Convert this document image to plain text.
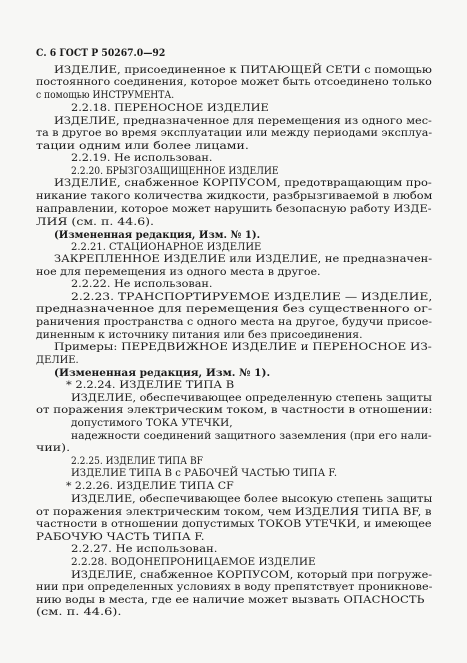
С. 6 ГОСТ Р 50267.0—92
ИЗДЕЛИЕ, присоединенное к ПИТАЮЩЕЙ СЕТИ с помощью
постоянного соединения, которое может быть отсоединено только
с помощью ИНСТРУМЕНТА.
2.2.18. ПЕРЕНОСНОЕ ИЗДЕЛИЕ
ИЗДЕЛИЕ, предназначенное для перемещения из одного мес-
та в другое во время эксплуатации или между периодами эксплуа-
тации одним или более лицами.
2.2.19. Не использован.
2.2.20. БРЫЗГОЗАЩИЩЕННОЕ ИЗДЕЛИЕ
ИЗДЕЛИЕ, снабженное КОРПУСОМ, предотвращающим про-
никание такого количества жидкости, разбрызгиваемой в любом
направлении, которое может нарушить безопасную работу ИЗДЕ-
ЛИЯ (см. п. 44.6).
(Измененная редакция, Изм. № 1).
2.2.21. СТАЦИОНАРНОЕ ИЗДЕЛИЕ
ЗАКРЕПЛЕННОЕ ИЗДЕЛИЕ или ИЗДЕЛИЕ, не предназначен-
ное для перемещения из одного места в другое.
2.2.22. Не использован.
2.2.23. ТРАНСПОРТИРУЕМОЕ ИЗДЕЛИЕ — ИЗДЕЛИЕ,
предназначенное для перемещения без существенного ог-
раничения пространства с одного места на другое, будучи присое-
диненным к источнику питания или без присоединения.
Примеры: ПЕРЕДВИЖНОЕ ИЗДЕЛИЕ и ПЕРЕНОСНОЕ ИЗ-
ДЕЛИЕ.
(Измененная редакция, Изм. № 1).
* 2.2.24. ИЗДЕЛИЕ ТИПА В
ИЗДЕЛИЕ, обеспечивающее определенную степень защиты
от поражения электрическим током, в частности в отношении:
допустимого ТОКА УТЕЧКИ,
надежности соединений защитного заземления (при его нали-
чии).
2.2.25. ИЗДЕЛИЕ ТИПА BF
ИЗДЕЛИЕ ТИПА В с РАБОЧЕЙ ЧАСТЬЮ ТИПА F.
* 2.2.26. ИЗДЕЛИЕ ТИПА CF
ИЗДЕЛИЕ, обеспечивающее более высокую степень защиты
от поражения электрическим током, чем ИЗДЕЛИЯ ТИПА BF, в
частности в отношении допустимых ТОКОВ УТЕЧКИ, и имеющее
РАБОЧУЮ ЧАСТЬ ТИПА F.
2.2.27. Не использован.
2.2.28. ВОДОНЕПРОНИЦАЕМОЕ ИЗДЕЛИЕ
ИЗДЕЛИЕ, снабженное КОРПУСОМ, который при погруже-
нии при определенных условиях в воду препятствует проникнове-
нию воды в места, где ее наличие может вызвать ОПАСНОСТЬ
(см. п. 44.6).
